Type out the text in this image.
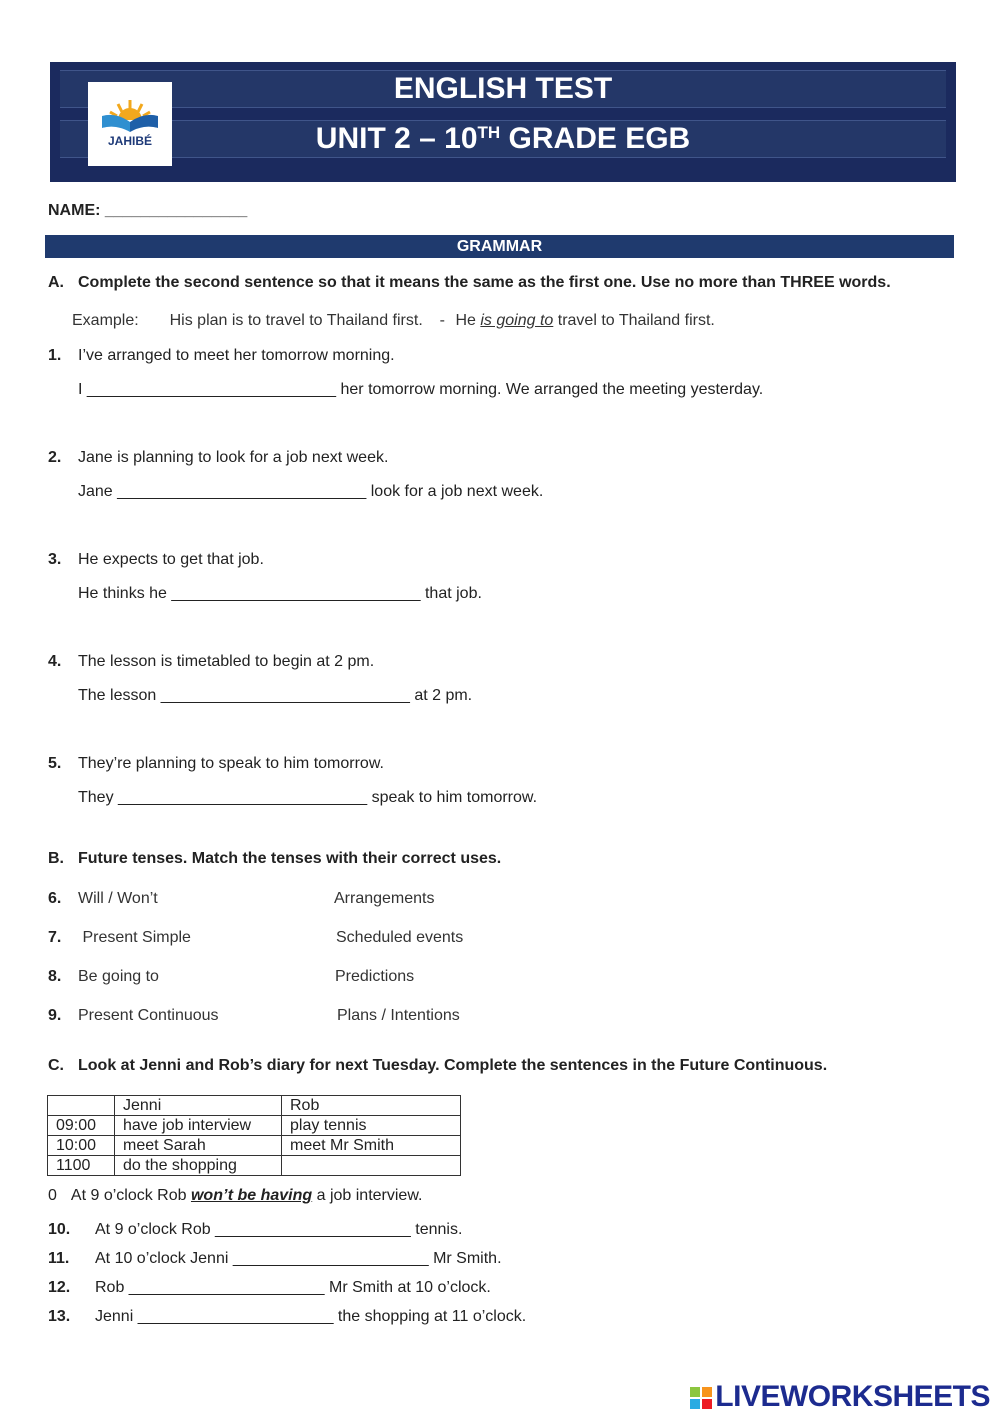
ENGLISH TEST
UNIT 2 – 10TH GRADE EGB
JAHIBÉ
NAME: ________________
GRAMMAR
A. Complete the second sentence so that it means the same as the first one. Use no more than THREE words.
Example: His plan is to travel to Thailand first. - He is going to travel to Thailand first.
1. I’ve arranged to meet her tomorrow morning.
I ____________________________ her tomorrow morning. We arranged the meeting yesterday.
2. Jane is planning to look for a job next week.
Jane ____________________________ look for a job next week.
3. He expects to get that job.
He thinks he ____________________________ that job.
4. The lesson is timetabled to begin at 2 pm.
The lesson ____________________________ at 2 pm.
5. They’re planning to speak to him tomorrow.
They ____________________________ speak to him tomorrow.
B. Future tenses. Match the tenses with their correct uses.
6. Will / Won’t	Arrangements
7. Present Simple	Scheduled events
8. Be going to	Predictions
9. Present Continuous	Plans / Intentions
C. Look at Jenni and Rob’s diary for next Tuesday. Complete the sentences in the Future Continuous.
	Jenni	Rob
09:00	have job interview	play tennis
10:00	meet Sarah	meet Mr Smith
1100	do the shopping	
0 At 9 o’clock Rob won’t be having a job interview.
10. At 9 o’clock Rob ______________________ tennis.
11. At 10 o’clock Jenni ______________________ Mr Smith.
12. Rob ______________________ Mr Smith at 10 o’clock.
13. Jenni ______________________ the shopping at 11 o’clock.
LIVEWORKSHEETS
